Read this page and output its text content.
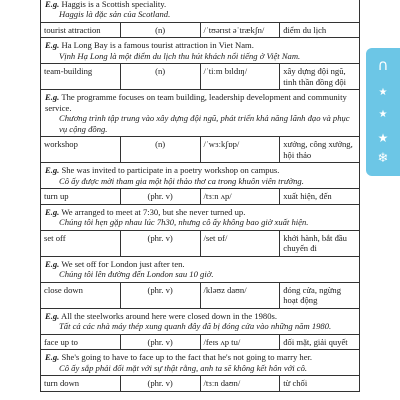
E.g. Haggis is a Scottish speciality.
Haggis là đặc sản của Scotland.			

tourist attraction	(n)	/ˈtʊərɪst əˈtrækʃn/	điểm du lịch
E.g. Ha Long Bay is a famous tourist attraction in Viet Nam.
Vịnh Hạ Long là một điểm du lịch thu hút khách nổi tiếng ở Việt Nam.			

team-building	(n)	/ˈtiːm bɪldɪŋ/	xây dựng đội ngũ, tinh thần đồng đội
E.g. The programme focuses on team building, leadership development and community service.
Chương trình tập trung vào xây dựng đội ngũ, phát triển khả năng lãnh đạo và phục vụ cộng đồng.			

workshop	(n)	/ˈwɜːkʃɒp/	xưởng, công xưởng, hội thảo
E.g. She was invited to participate in a poetry workshop on campus.
Cô ấy được mời tham gia một hội thảo thơ ca trong khuôn viên trường.			

turn up	(phr. v)	/tɜːn ʌp/	xuất hiện, đến
E.g. We arranged to meet at 7:30, but she never turned up.
Chúng tôi hẹn gặp nhau lúc 7h30, nhưng cô ấy không bao giờ xuất hiện.			

set off	(phr. v)	/set ɒf/	khởi hành, bắt đầu chuyến đi
E.g. We set off for London just after ten.
Chúng tôi lên đường đến London sau 10 giờ.			

close down	(phr. v)	/kləʊz daʊn/	đóng cửa, ngừng hoạt động
E.g. All the steelworks around here were closed down in the 1980s.
Tất cả các nhà máy thép xung quanh đây đã bị đóng cửa vào những năm 1980.			

face up to	(phr. v)	/feɪs ʌp tu/	đối mặt, giải quyết
E.g. She's going to have to face up to the fact that he's not going to marry her.
Cô ấy sắp phải đối mặt với sự thật rằng, anh ta sẽ không kết hôn với cô.			

turn down	(phr. v)	/tɜːn daʊn/	từ chối
∩
★
★
★
❄
